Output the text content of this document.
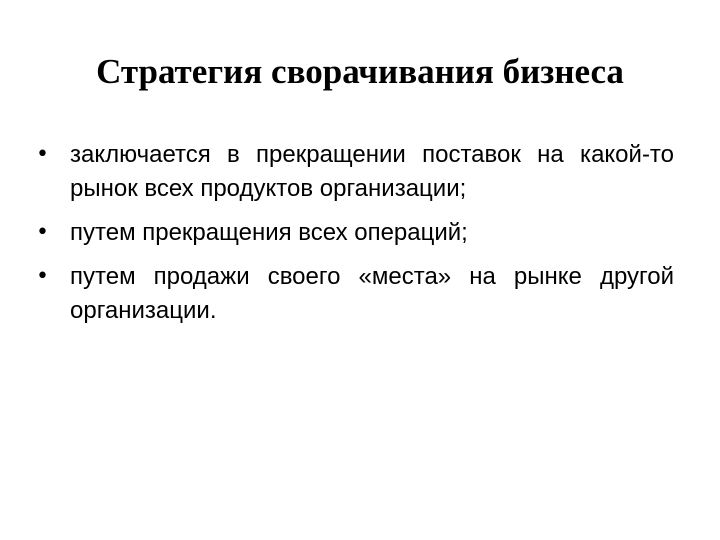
Стратегия сворачивания бизнеса
• заключается в прекращении поставок на какой-то рынок всех продуктов организации;
• путем прекращения всех операций;
• путем продажи своего «места» на рынке другой организации.
